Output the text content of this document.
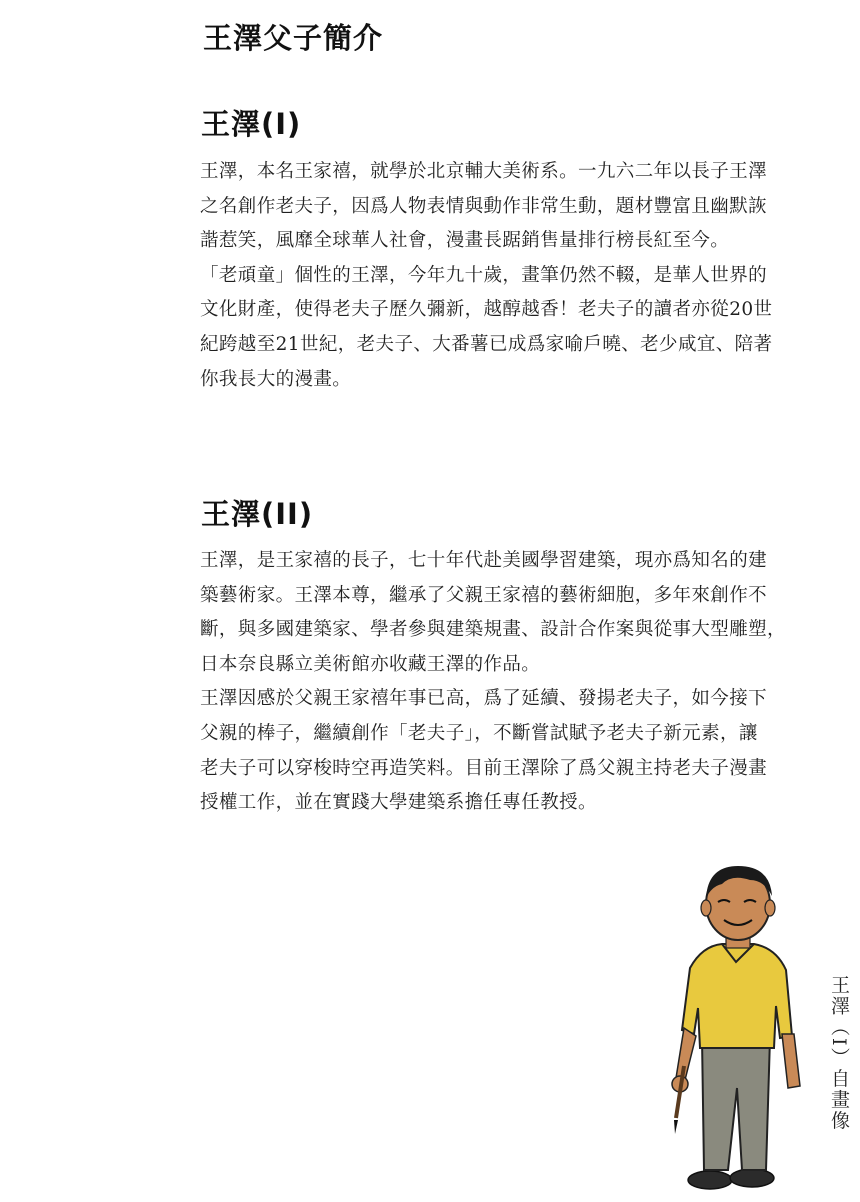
王澤父子簡介
王澤(I)

王澤，本名王家禧，就學於北京輔大美術系。一九六二年以長子王澤
之名創作老夫子，因爲人物表情與動作非常生動，題材豐富且幽默詼
諧惹笑，風靡全球華人社會，漫畫長踞銷售量排行榜長紅至今。
「老頑童」個性的王澤，今年九十歲，畫筆仍然不輟，是華人世界的
文化財產，使得老夫子歷久彌新，越醇越香！老夫子的讀者亦從20世
紀跨越至21世紀，老夫子、大番薯已成爲家喻戶曉、老少咸宜、陪著
你我長大的漫畫。

王澤(II)

王澤，是王家禧的長子，七十年代赴美國學習建築，現亦爲知名的建
築藝術家。王澤本尊，繼承了父親王家禧的藝術細胞，多年來創作不
斷，與多國建築家、學者參與建築規畫、設計合作案與從事大型雕塑，
日本奈良縣立美術館亦收藏王澤的作品。
王澤因感於父親王家禧年事已高，爲了延續、發揚老夫子，如今接下
父親的棒子，繼續創作「老夫子」，不斷嘗試賦予老夫子新元素，讓
老夫子可以穿梭時空再造笑料。目前王澤除了爲父親主持老夫子漫畫
授權工作，並在實踐大學建築系擔任專任教授。

王澤（I）自畫像
